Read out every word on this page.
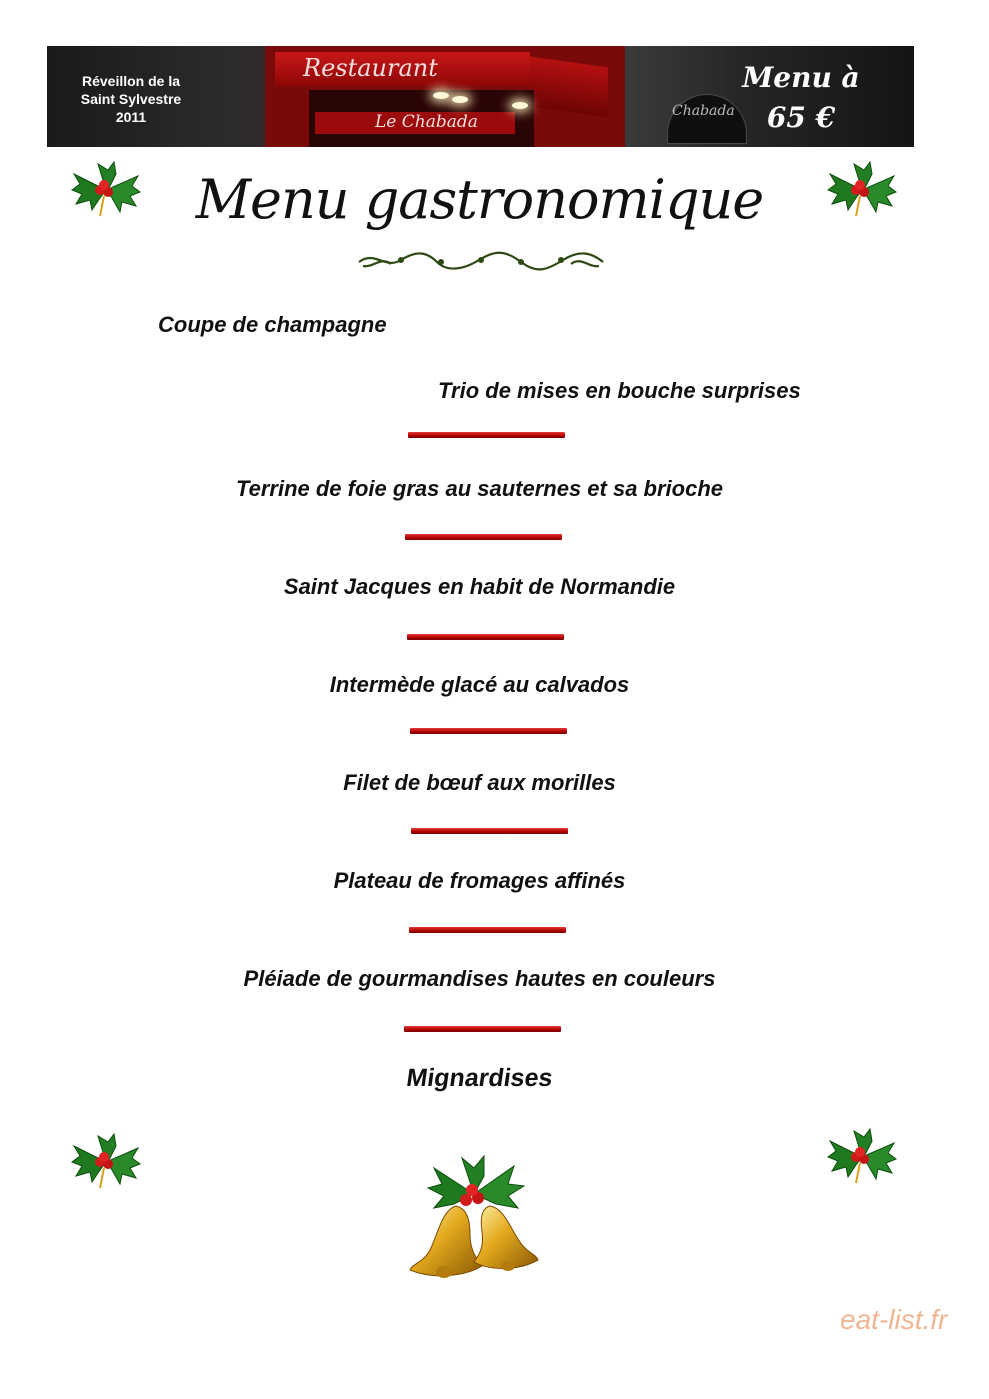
Restaurant
Le Chabada
Chabada
Réveillon de la
Saint Sylvestre
2011
Menu à
65 €
Menu gastronomique
Coupe de champagne
Trio de mises en bouche surprises
Terrine de foie gras au sauternes et sa brioche
Saint Jacques en habit de Normandie
Intermède glacé au calvados
Filet de bœuf aux morilles
Plateau de fromages affinés
Pléiade de gourmandises hautes en couleurs
Mignardises
eat-list.fr
